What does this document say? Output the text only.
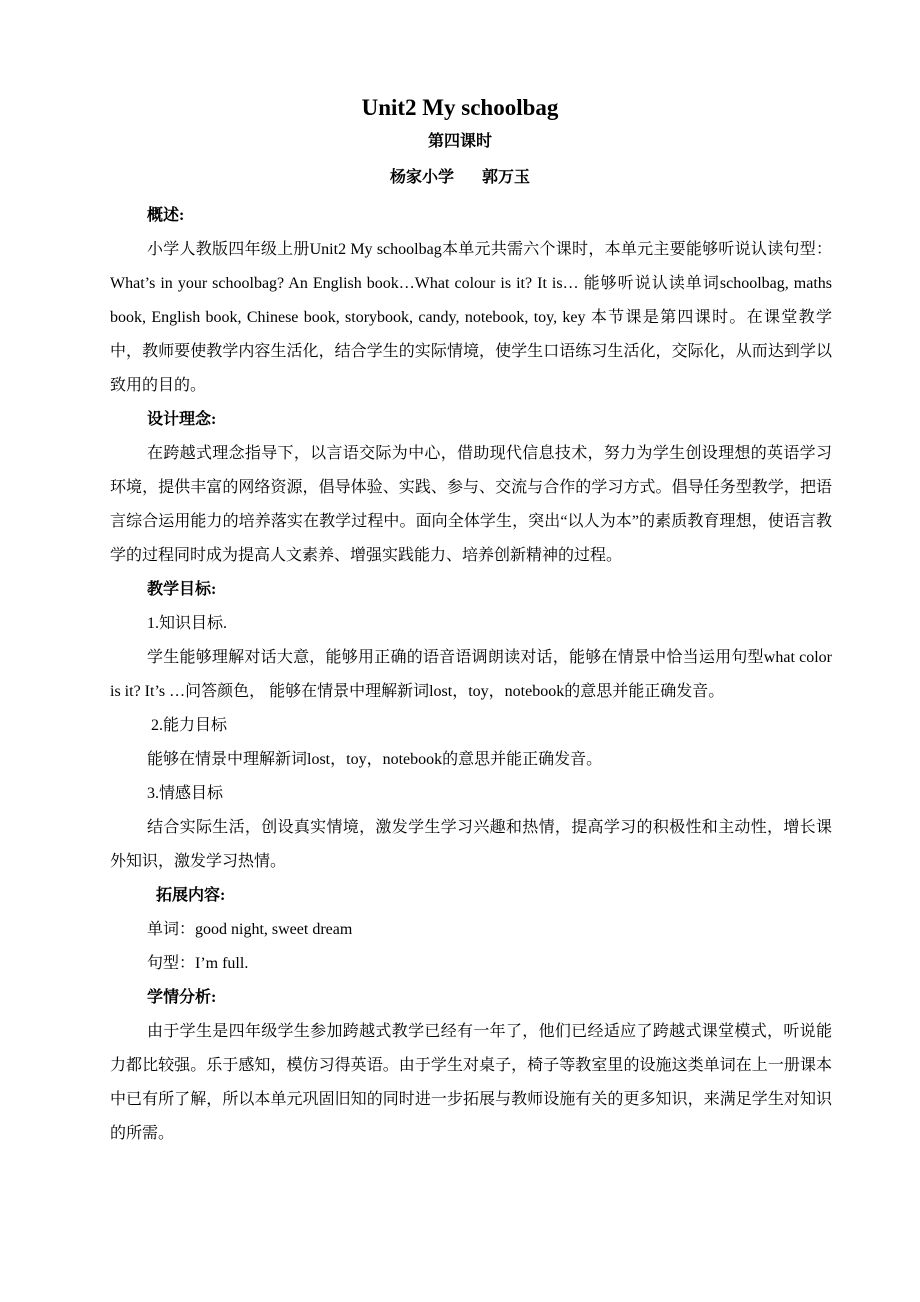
Unit2 My schoolbag

第四课时

杨家小学 郭万玉

概述:

小学人教版四年级上册Unit2 My schoolbag本单元共需六个课时，本单元主要能够听说认读句型：What’s in your schoolbag? An English book…What colour is it? It is… 能够听说认读单词schoolbag, maths book, English book, Chinese book, storybook, candy, notebook, toy, key 本节课是第四课时。在课堂教学中，教师要使教学内容生活化，结合学生的实际情境，使学生口语练习生活化，交际化，从而达到学以致用的目的。

设计理念:

在跨越式理念指导下，以言语交际为中心，借助现代信息技术，努力为学生创设理想的英语学习环境，提供丰富的网络资源，倡导体验、实践、参与、交流与合作的学习方式。倡导任务型教学，把语言综合运用能力的培养落实在教学过程中。面向全体学生，突出“以人为本”的素质教育理想，使语言教学的过程同时成为提高人文素养、增强实践能力、培养创新精神的过程。

教学目标:

1.知识目标.

学生能够理解对话大意，能够用正确的语音语调朗读对话，能够在情景中恰当运用句型what color is it? It’s …问答颜色， 能够在情景中理解新词lost，toy，notebook的意思并能正确发音。

2.能力目标

能够在情景中理解新词lost，toy，notebook的意思并能正确发音。

3.情感目标

结合实际生活，创设真实情境，激发学生学习兴趣和热情，提高学习的积极性和主动性，增长课外知识，激发学习热情。

拓展内容:

单词：good night, sweet dream

句型：I’m full.

学情分析:

由于学生是四年级学生参加跨越式教学已经有一年了，他们已经适应了跨越式课堂模式，听说能力都比较强。乐于感知，模仿习得英语。由于学生对桌子，椅子等教室里的设施这类单词在上一册课本中已有所了解，所以本单元巩固旧知的同时进一步拓展与教师设施有关的更多知识，来满足学生对知识的所需。
